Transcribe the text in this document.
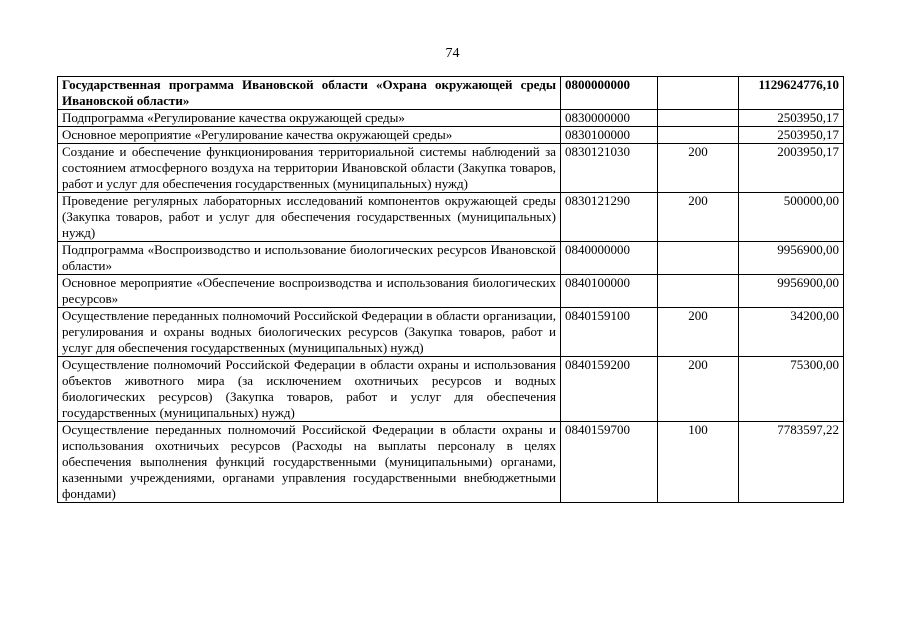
74
Государственная программа Ивановской области «Охрана окружающей среды Ивановской области»	0800000000		1129624776,10
Подпрограмма «Регулирование качества окружающей среды»	0830000000		2503950,17
Основное мероприятие «Регулирование качества окружающей среды»	0830100000		2503950,17
Создание и обеспечение функционирования территориальной системы наблюдений за состоянием атмосферного воздуха на территории Ивановской области (Закупка товаров, работ и услуг для обеспечения государственных (муниципальных) нужд)	0830121030	200	2003950,17
Проведение регулярных лабораторных исследований компонентов окружающей среды (Закупка товаров, работ и услуг для обеспечения государственных (муниципальных) нужд)	0830121290	200	500000,00
Подпрограмма «Воспроизводство и использование биологических ресурсов Ивановской области»	0840000000		9956900,00
Основное мероприятие «Обеспечение воспроизводства и использования биологических ресурсов»	0840100000		9956900,00
Осуществление переданных полномочий Российской Федерации в области организации, регулирования и охраны водных биологических ресурсов (Закупка товаров, работ и услуг для обеспечения государственных (муниципальных) нужд)	0840159100	200	34200,00
Осуществление полномочий Российской Федерации в области охраны и использования объектов животного мира (за исключением охотничьих ресурсов и водных биологических ресурсов) (Закупка товаров, работ и услуг для обеспечения государственных (муниципальных) нужд)	0840159200	200	75300,00
Осуществление переданных полномочий Российской Федерации в области охраны и использования охотничьих ресурсов (Расходы на выплаты персоналу в целях обеспечения выполнения функций государственными (муниципальными) органами, казенными учреждениями, органами управления государственными внебюджетными фондами)	0840159700	100	7783597,22
